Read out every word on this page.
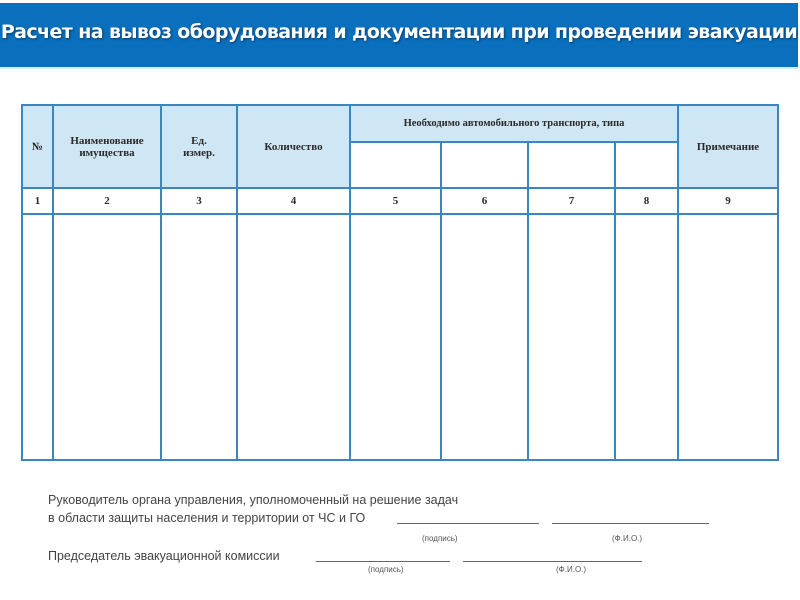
Расчет на вывоз оборудования и документации при проведении эвакуации
№	Наименование имущества	Ед. измер.	Количество	Необходимо автомобильного транспорта, типа				Примечание

1	2	3	4	5	6	7	8	9

Руководитель органа управления, уполномоченный на решение задач
в области защиты населения и территории от ЧС и ГО
(подпись)	(Ф.И.О.)
Председатель эвакуационной комиссии
(подпись)	(Ф.И.О.)
